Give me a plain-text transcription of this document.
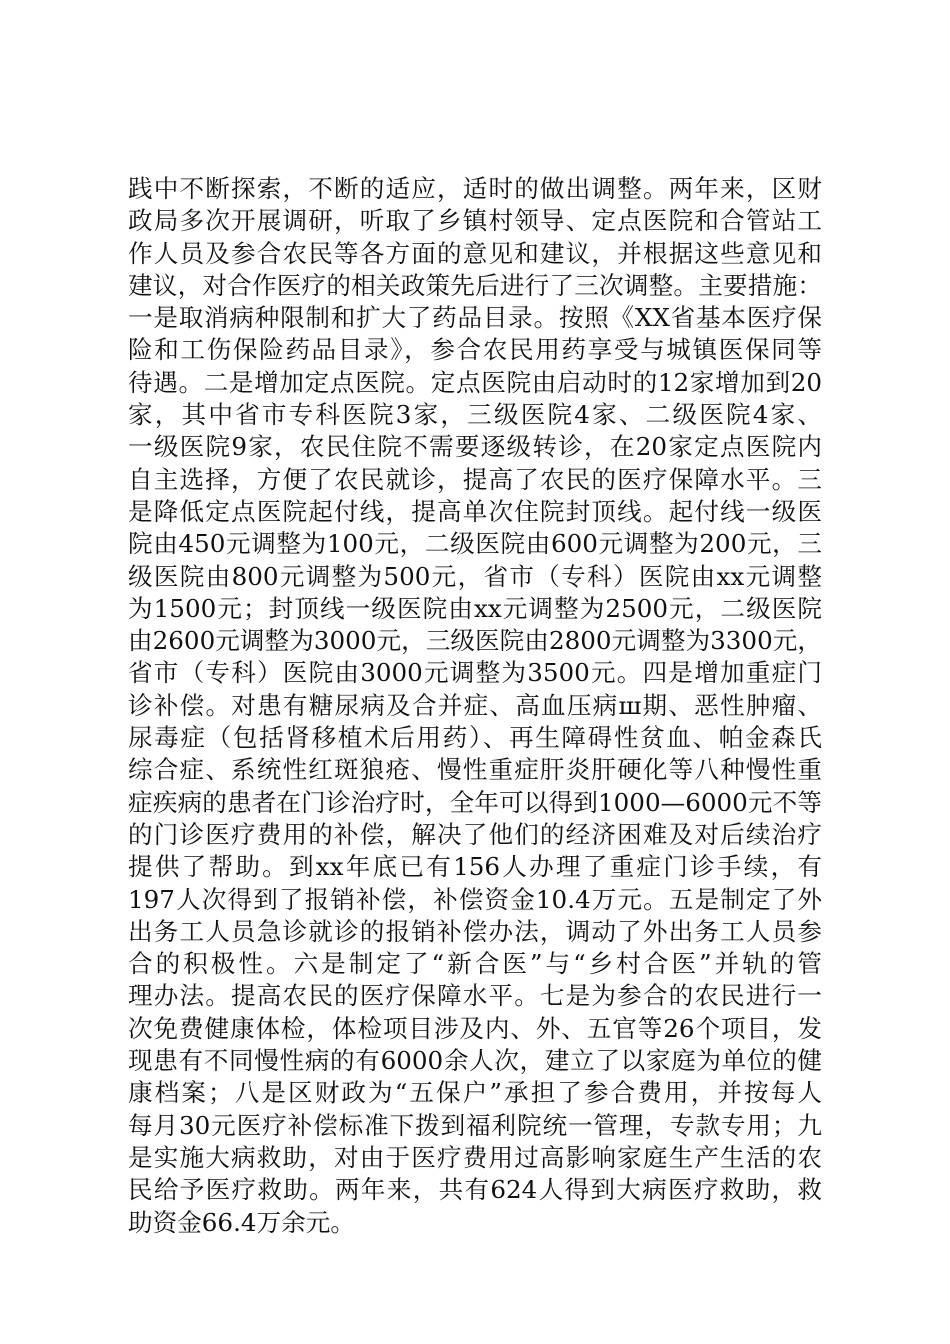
践中不断探索，不断的适应，适时的做出调整。两年来，区财
政局多次开展调研，听取了乡镇村领导、定点医院和合管站工
作人员及参合农民等各方面的意见和建议，并根据这些意见和
建议，对合作医疗的相关政策先后进行了三次调整。主要措施：
一是取消病种限制和扩大了药品目录。按照《XX省基本医疗保
险和工伤保险药品目录》，参合农民用药享受与城镇医保同等
待遇。二是增加定点医院。定点医院由启动时的12家增加到20
家，其中省市专科医院3家，三级医院4家、二级医院4家、
一级医院9家，农民住院不需要逐级转诊，在20家定点医院内
自主选择，方便了农民就诊，提高了农民的医疗保障水平。三
是降低定点医院起付线，提高单次住院封顶线。起付线一级医
院由450元调整为100元，二级医院由600元调整为200元，三
级医院由800元调整为500元，省市（专科）医院由xx元调整
为1500元；封顶线一级医院由xx元调整为2500元，二级医院
由2600元调整为3000元，三级医院由2800元调整为3300元，
省市（专科）医院由3000元调整为3500元。四是增加重症门
诊补偿。对患有糖尿病及合并症、高血压病ш期、恶性肿瘤、
尿毒症（包括肾移植术后用药）、再生障碍性贫血、帕金森氏
综合症、系统性红斑狼疮、慢性重症肝炎肝硬化等八种慢性重
症疾病的患者在门诊治疗时，全年可以得到1000—6000元不等
的门诊医疗费用的补偿，解决了他们的经济困难及对后续治疗
提供了帮助。到xx年底已有156人办理了重症门诊手续，有
197人次得到了报销补偿，补偿资金10.4万元。五是制定了外
出务工人员急诊就诊的报销补偿办法，调动了外出务工人员参
合的积极性。六是制定了“新合医”与“乡村合医”并轨的管
理办法。提高农民的医疗保障水平。七是为参合的农民进行一
次免费健康体检，体检项目涉及内、外、五官等26个项目，发
现患有不同慢性病的有6000余人次，建立了以家庭为单位的健
康档案；八是区财政为“五保户”承担了参合费用，并按每人
每月30元医疗补偿标准下拨到福利院统一管理，专款专用；九
是实施大病救助，对由于医疗费用过高影响家庭生产生活的农
民给予医疗救助。两年来，共有624人得到大病医疗救助，救
助资金66.4万余元。
